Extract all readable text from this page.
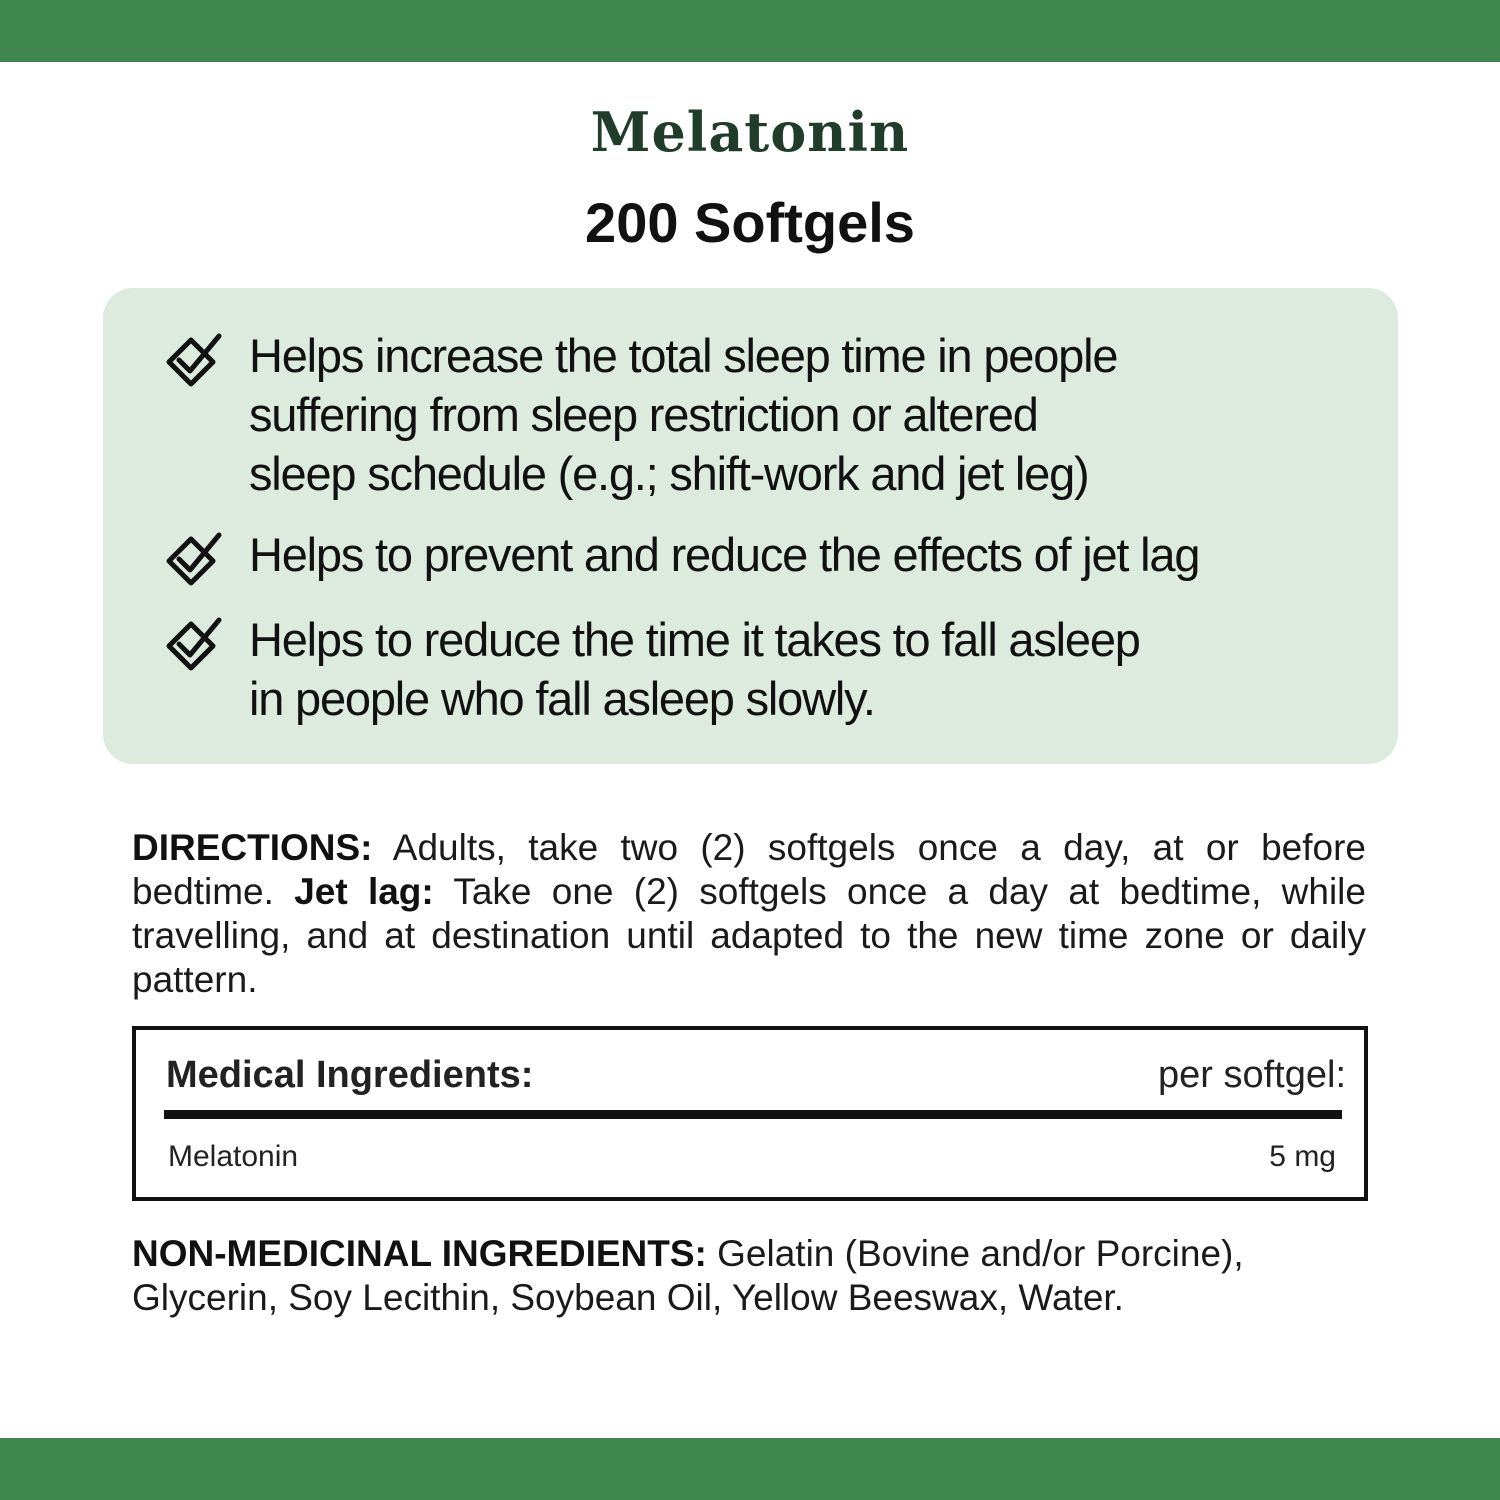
Melatonin
200 Softgels
Helps increase the total sleep time in people
suffering from sleep restriction or altered
sleep schedule (e.g.; shift-work and jet leg)
Helps to prevent and reduce the effects of jet lag
Helps to reduce the time it takes to fall asleep
in people who fall asleep slowly.
DIRECTIONS: Adults, take two (2) softgels once a day, at or before bedtime. Jet lag: Take one (2) softgels once a day at bedtime, while travelling, and at destination until adapted to the new time zone or daily pattern.
Medical Ingredients:	per softgel:
Melatonin	5 mg
NON-MEDICINAL INGREDIENTS: Gelatin (Bovine and/or Porcine), Glycerin, Soy Lecithin, Soybean Oil, Yellow Beeswax, Water.
